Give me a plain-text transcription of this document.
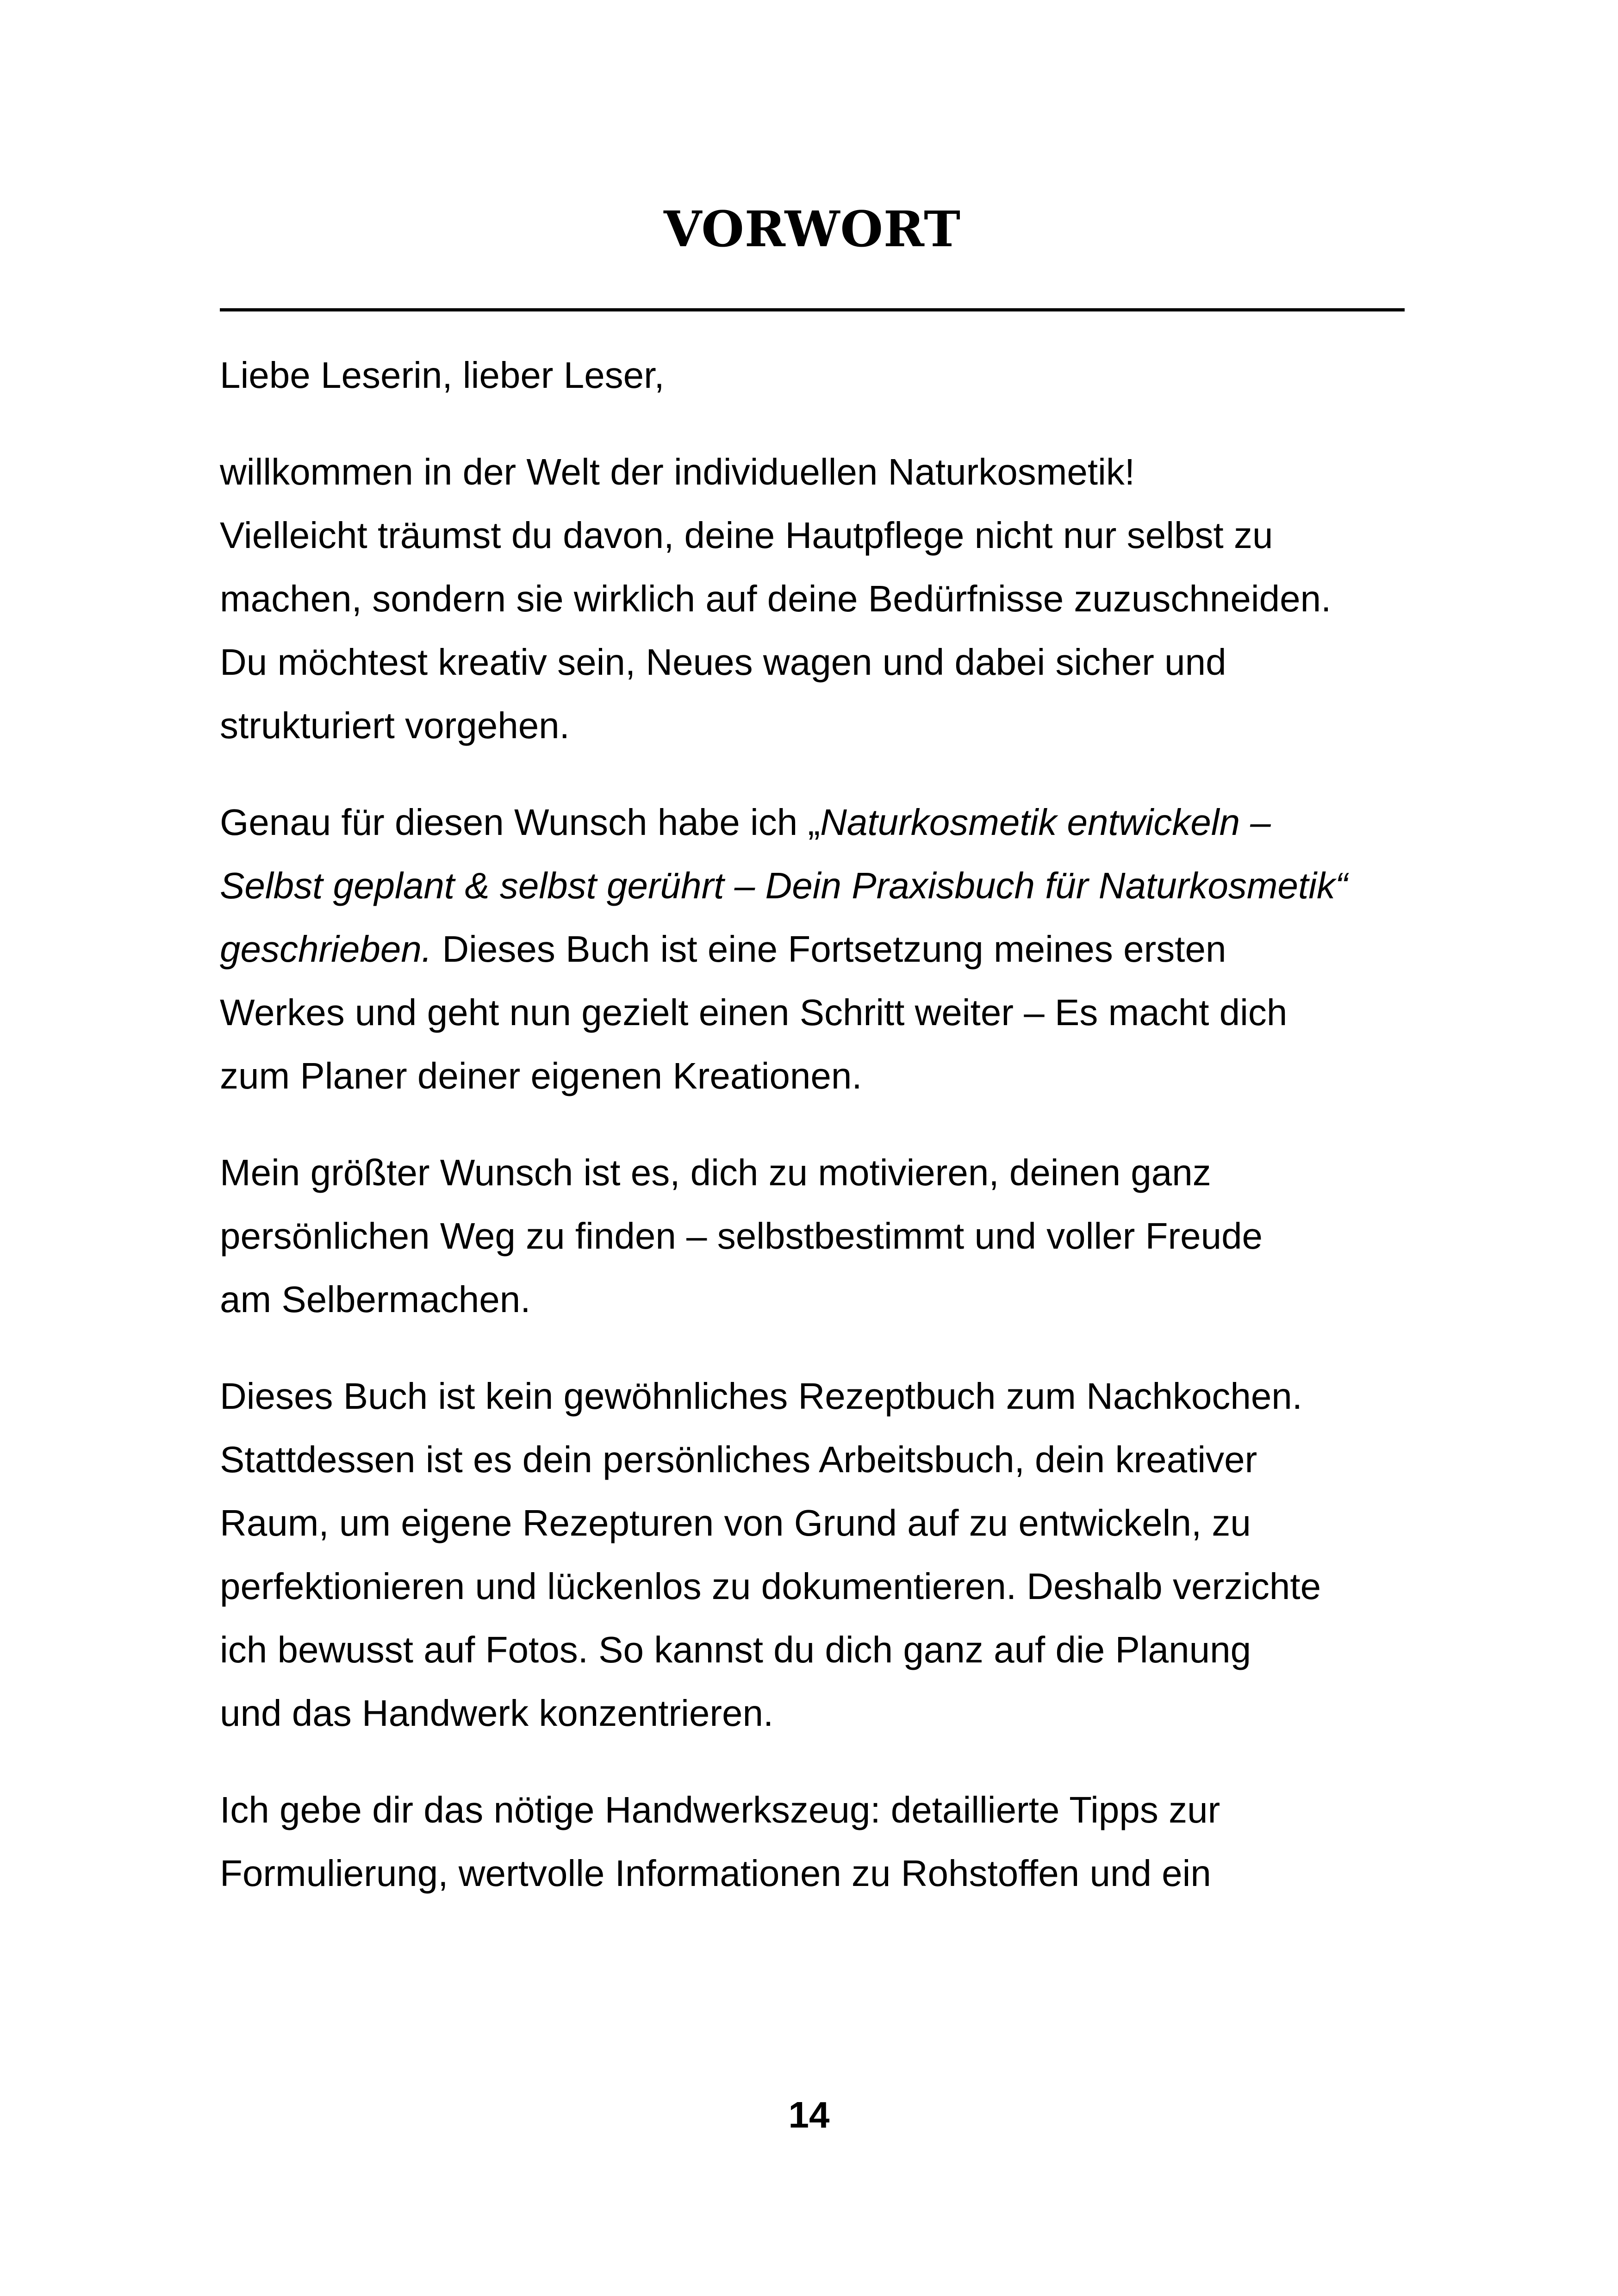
VORWORT

Liebe Leserin, lieber Leser,

willkommen in der Welt der individuellen Naturkosmetik!
Vielleicht träumst du davon, deine Hautpflege nicht nur selbst zu
machen, sondern sie wirklich auf deine Bedürfnisse zuzuschneiden.
Du möchtest kreativ sein, Neues wagen und dabei sicher und
strukturiert vorgehen.

Genau für diesen Wunsch habe ich „Naturkosmetik entwickeln –
Selbst geplant & selbst gerührt – Dein Praxisbuch für Naturkosmetik“
geschrieben. Dieses Buch ist eine Fortsetzung meines ersten
Werkes und geht nun gezielt einen Schritt weiter – Es macht dich
zum Planer deiner eigenen Kreationen.

Mein größter Wunsch ist es, dich zu motivieren, deinen ganz
persönlichen Weg zu finden – selbstbestimmt und voller Freude
am Selbermachen.

Dieses Buch ist kein gewöhnliches Rezeptbuch zum Nachkochen.
Stattdessen ist es dein persönliches Arbeitsbuch, dein kreativer
Raum, um eigene Rezepturen von Grund auf zu entwickeln, zu
perfektionieren und lückenlos zu dokumentieren. Deshalb verzichte
ich bewusst auf Fotos. So kannst du dich ganz auf die Planung
und das Handwerk konzentrieren.

Ich gebe dir das nötige Handwerkszeug: detaillierte Tipps zur
Formulierung, wertvolle Informationen zu Rohstoffen und ein

14
